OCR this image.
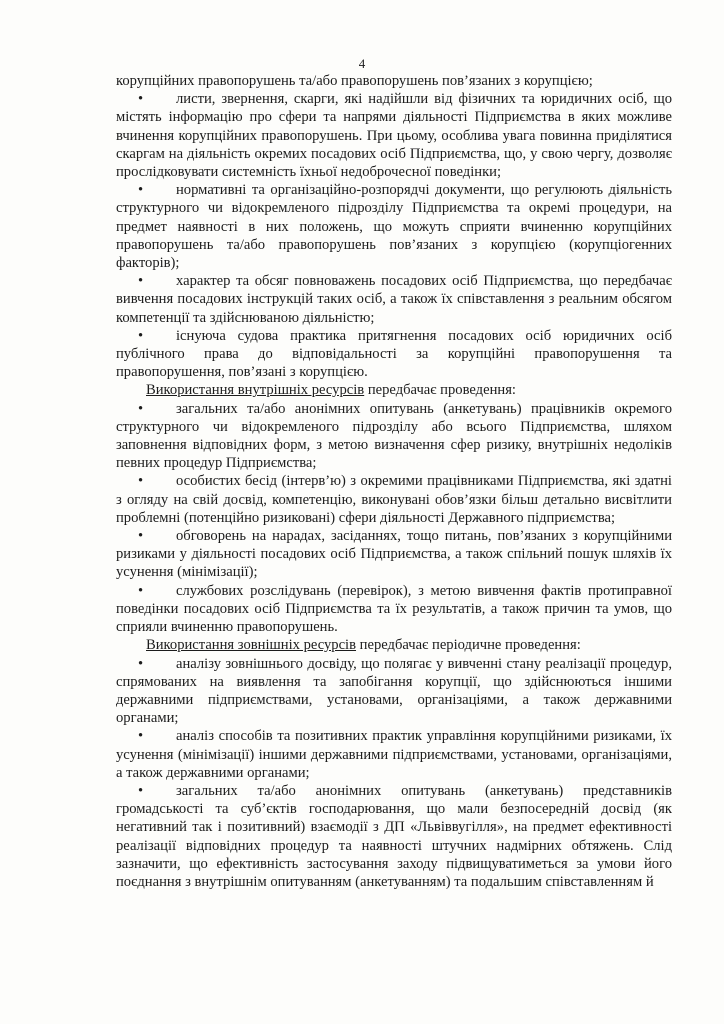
4

корупційних правопорушень та/або правопорушень пов’язаних з корупцією;

• листи, звернення, скарги, які надійшли від фізичних та юридичних осіб, що містять інформацію про сфери та напрями діяльності Підприємства в яких можливе вчинення корупційних правопорушень. При цьому, особлива увага повинна приділятися скаргам на діяльність окремих посадових осіб Підприємства, що, у свою чергу, дозволяє прослідковувати системність їхньої недоброчесної поведінки;

• нормативні та організаційно-розпорядчі документи, що регулюють діяльність структурного чи відокремленого підрозділу Підприємства та окремі процедури, на предмет наявності в них положень, що можуть сприяти вчиненню корупційних правопорушень та/або правопорушень пов’язаних з корупцією (корупціогенних факторів);

• характер та обсяг повноважень посадових осіб Підприємства, що передбачає вивчення посадових інструкцій таких осіб, а також їх співставлення з реальним обсягом компетенції та здійснюваною діяльністю;

• існуюча судова практика притягнення посадових осіб юридичних осіб публічного права до відповідальності за корупційні правопорушення та правопорушення, пов’язані з корупцією.

Використання внутрішніх ресурсів передбачає проведення:

• загальних та/або анонімних опитувань (анкетувань) працівників окремого структурного чи відокремленого підрозділу або всього Підприємства, шляхом заповнення відповідних форм, з метою визначення сфер ризику, внутрішніх недоліків певних процедур Підприємства;

• особистих бесід (інтерв’ю) з окремими працівниками Підприємства, які здатні з огляду на свій досвід, компетенцію, виконувані обов’язки більш детально висвітлити проблемні (потенційно ризиковані) сфери діяльності Державного підприємства;

• обговорень на нарадах, засіданнях, тощо питань, пов’язаних з корупційними ризиками у діяльності посадових осіб Підприємства, а також спільний пошук шляхів їх усунення (мінімізації);

• службових розслідувань (перевірок), з метою вивчення фактів протиправної поведінки посадових осіб Підприємства та їх результатів, а також причин та умов, що сприяли вчиненню правопорушень.

Використання зовнішніх ресурсів передбачає періодичне проведення:

• аналізу зовнішнього досвіду, що полягає у вивченні стану реалізації процедур, спрямованих на виявлення та запобігання корупції, що здійснюються іншими державними підприємствами, установами, організаціями, а також державними органами;

• аналіз способів та позитивних практик управління корупційними ризиками, їх усунення (мінімізації) іншими державними підприємствами, установами, організаціями, а також державними органами;

• загальних та/або анонімних опитувань (анкетувань) представників громадськості та суб’єктів господарювання, що мали безпосередній досвід (як негативний так і позитивний) взаємодії з ДП «Львіввугілля», на предмет ефективності реалізації відповідних процедур та наявності штучних надмірних обтяжень. Слід зазначити, що ефективність застосування заходу підвищуватиметься за умови його поєднання з внутрішнім опитуванням (анкетуванням) та подальшим співставленням й
